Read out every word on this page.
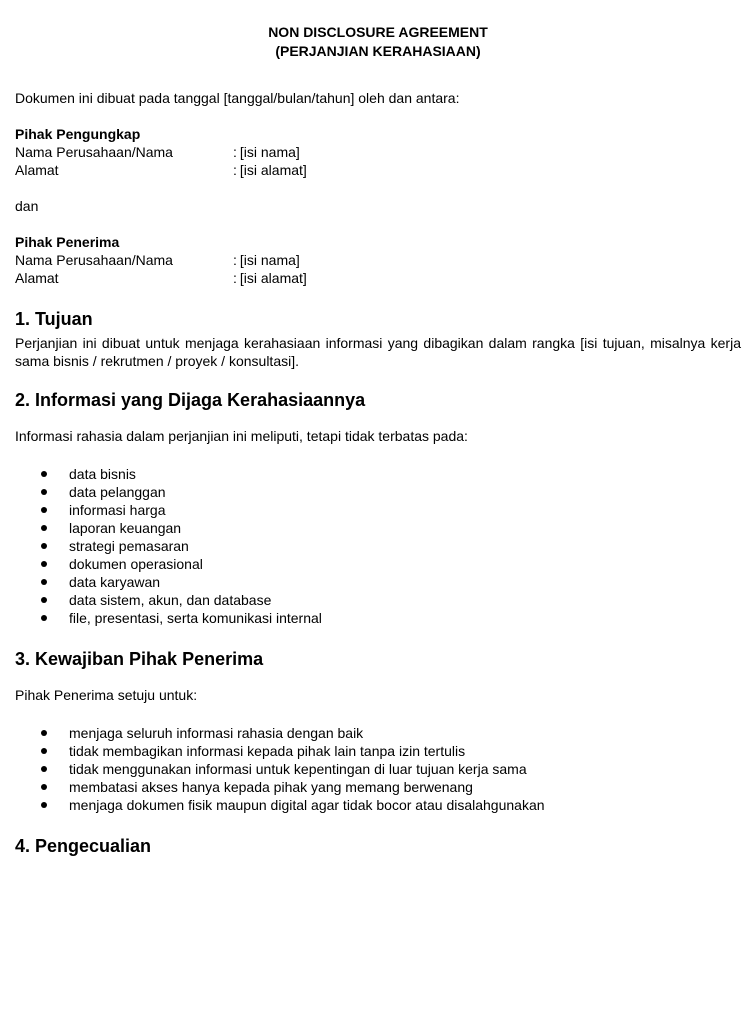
NON DISCLOSURE AGREEMENT
(PERJANJIAN KERAHASIAAN)
Dokumen ini dibuat pada tanggal [tanggal/bulan/tahun] oleh dan antara:
Pihak Pengungkap
Nama Perusahaan/Nama	: [isi nama]
Alamat	: [isi alamat]
dan
Pihak Penerima
Nama Perusahaan/Nama	: [isi nama]
Alamat	: [isi alamat]
1. Tujuan
Perjanjian ini dibuat untuk menjaga kerahasiaan informasi yang dibagikan dalam rangka [isi tujuan, misalnya kerja sama bisnis / rekrutmen / proyek / konsultasi].
2. Informasi yang Dijaga Kerahasiaannya
Informasi rahasia dalam perjanjian ini meliputi, tetapi tidak terbatas pada:
data bisnis
data pelanggan
informasi harga
laporan keuangan
strategi pemasaran
dokumen operasional
data karyawan
data sistem, akun, dan database
file, presentasi, serta komunikasi internal
3. Kewajiban Pihak Penerima
Pihak Penerima setuju untuk:
menjaga seluruh informasi rahasia dengan baik
tidak membagikan informasi kepada pihak lain tanpa izin tertulis
tidak menggunakan informasi untuk kepentingan di luar tujuan kerja sama
membatasi akses hanya kepada pihak yang memang berwenang
menjaga dokumen fisik maupun digital agar tidak bocor atau disalahgunakan
4. Pengecualian
